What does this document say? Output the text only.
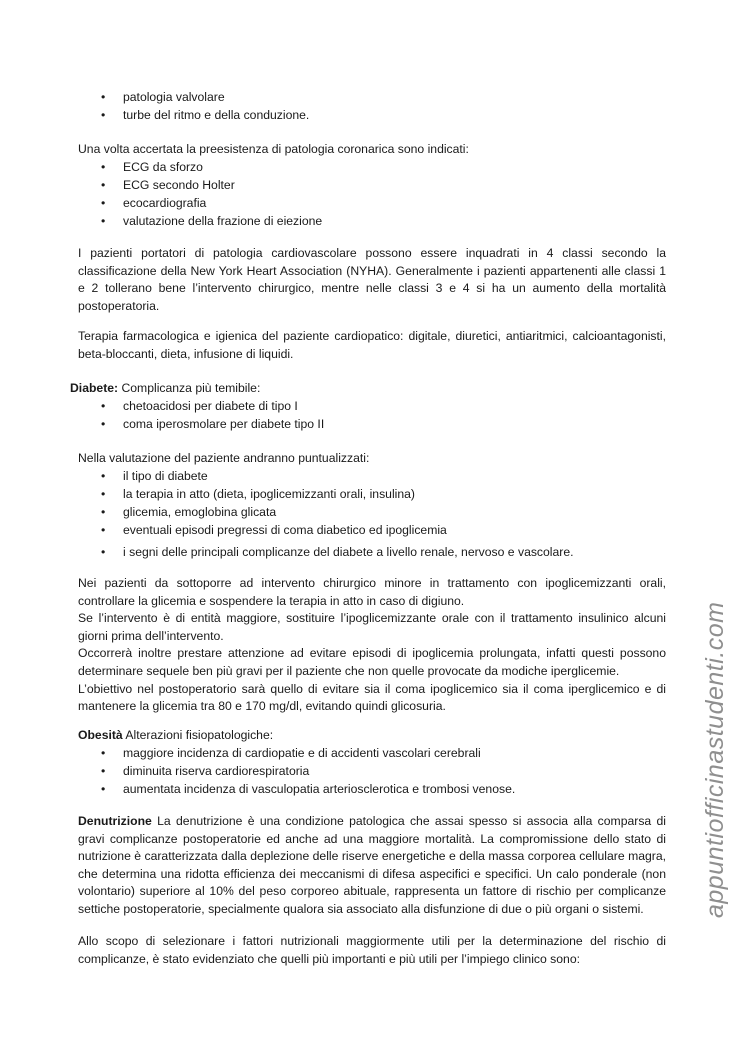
• patologia valvolare
• turbe del ritmo e della conduzione.

Una volta accertata la preesistenza di patologia coronarica sono indicati:

• ECG da sforzo
• ECG secondo Holter
• ecocardiografia
• valutazione della frazione di eiezione

I pazienti portatori di patologia cardiovascolare possono essere inquadrati in 4 classi secondo la classificazione della New York Heart Association (NYHA). Generalmente i pazienti appartenenti alle classi 1 e 2 tollerano bene l’intervento chirurgico, mentre nelle classi 3 e 4 si ha un aumento della mortalità postoperatoria.

Terapia farmacologica e igienica del paziente cardiopatico: digitale, diuretici, antiaritmici, calcioantagonisti, beta-bloccanti, dieta, infusione di liquidi.

Diabete: Complicanza più temibile:

• chetoacidosi per diabete di tipo I
• coma iperosmolare per diabete tipo II

Nella valutazione del paziente andranno puntualizzati:

• il tipo di diabete
• la terapia in atto (dieta, ipoglicemizzanti orali, insulina)
• glicemia, emoglobina glicata
• eventuali episodi pregressi di coma diabetico ed ipoglicemia
• i segni delle principali complicanze del diabete a livello renale, nervoso e vascolare.

Nei pazienti da sottoporre ad intervento chirurgico minore in trattamento con ipoglicemizzanti orali, controllare la glicemia e sospendere la terapia in atto in caso di digiuno.

Se l’intervento è di entità maggiore, sostituire l’ipoglicemizzante orale con il trattamento insulinico alcuni giorni prima dell’intervento.

Occorrerà inoltre prestare attenzione ad evitare episodi di ipoglicemia prolungata, infatti questi possono determinare sequele ben più gravi per il paziente che non quelle provocate da modiche iperglicemie.

L’obiettivo nel postoperatorio sarà quello di evitare sia il coma ipoglicemico sia il coma iperglicemico e di mantenere la glicemia tra 80 e 170 mg/dl, evitando quindi glicosuria.

Obesità Alterazioni fisiopatologiche:

• maggiore incidenza di cardiopatie e di accidenti vascolari cerebrali
• diminuita riserva cardiorespiratoria
• aumentata incidenza di vasculopatia arteriosclerotica e trombosi venose.

Denutrizione La denutrizione è una condizione patologica che assai spesso si associa alla comparsa di gravi complicanze postoperatorie ed anche ad una maggiore mortalità. La compromissione dello stato di nutrizione è caratterizzata dalla deplezione delle riserve energetiche e della massa corporea cellulare magra, che determina una ridotta efficienza dei meccanismi di difesa aspecifici e specifici. Un calo ponderale (non volontario) superiore al 10% del peso corporeo abituale, rappresenta un fattore di rischio per complicanze settiche postoperatorie, specialmente qualora sia associato alla disfunzione di due o più organi o sistemi.

Allo scopo di selezionare i fattori nutrizionali maggiormente utili per la determinazione del rischio di complicanze, è stato evidenziato che quelli più importanti e più utili per l’impiego clinico sono:

appuntiofficinastudenti.com
